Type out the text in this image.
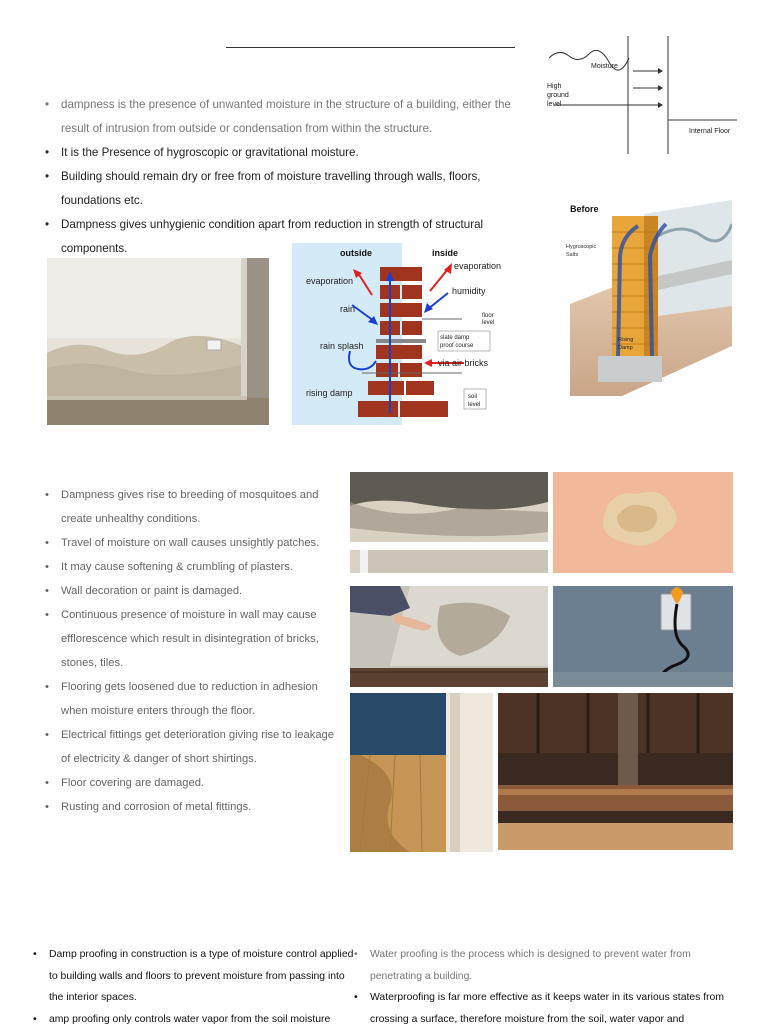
• dampness is the presence of unwanted moisture in the structure of a building, either the result of intrusion from outside or condensation from within the structure.
• It is the Presence of hygroscopic or gravitational moisture.
• Building should remain dry or free from of moisture travelling through walls, floors, foundations etc.
• Dampness gives unhygienic condition apart from reduction in strength of structural components.
Moisture
High
ground
level
Internal Floor
Before
Hygroscopic
Salts
Rising
Damp
outside	inside
evaporation
evaporation
rain
humidity
floor
level
rain splash
slate damp
proof course
via air bricks
rising damp	soil
level
• Dampness gives rise to breeding of mosquitoes and create unhealthy conditions.
• Travel of moisture on wall causes unsightly patches.
• It may cause softening & crumbling of plasters.
• Wall decoration or paint is damaged.
• Continuous presence of moisture in wall may cause efflorescence which result in disintegration of bricks, stones, tiles.
• Flooring gets loosened due to reduction in adhesion when moisture enters through the floor.
• Electrical fittings get deterioration giving rise to leakage of electricity & danger of short shirtings.
• Floor covering are damaged.
• Rusting and corrosion of metal fittings.
• Damp proofing in construction is a type of moisture control applied to building walls and floors to prevent moisture from passing into the interior spaces.
• amp proofing only controls water vapor from the soil moisture
• Water proofing is the process which is designed to prevent water from penetrating a building.
• Waterproofing is far more effective as it keeps water in its various states from crossing a surface, therefore moisture from the soil, water vapor and
